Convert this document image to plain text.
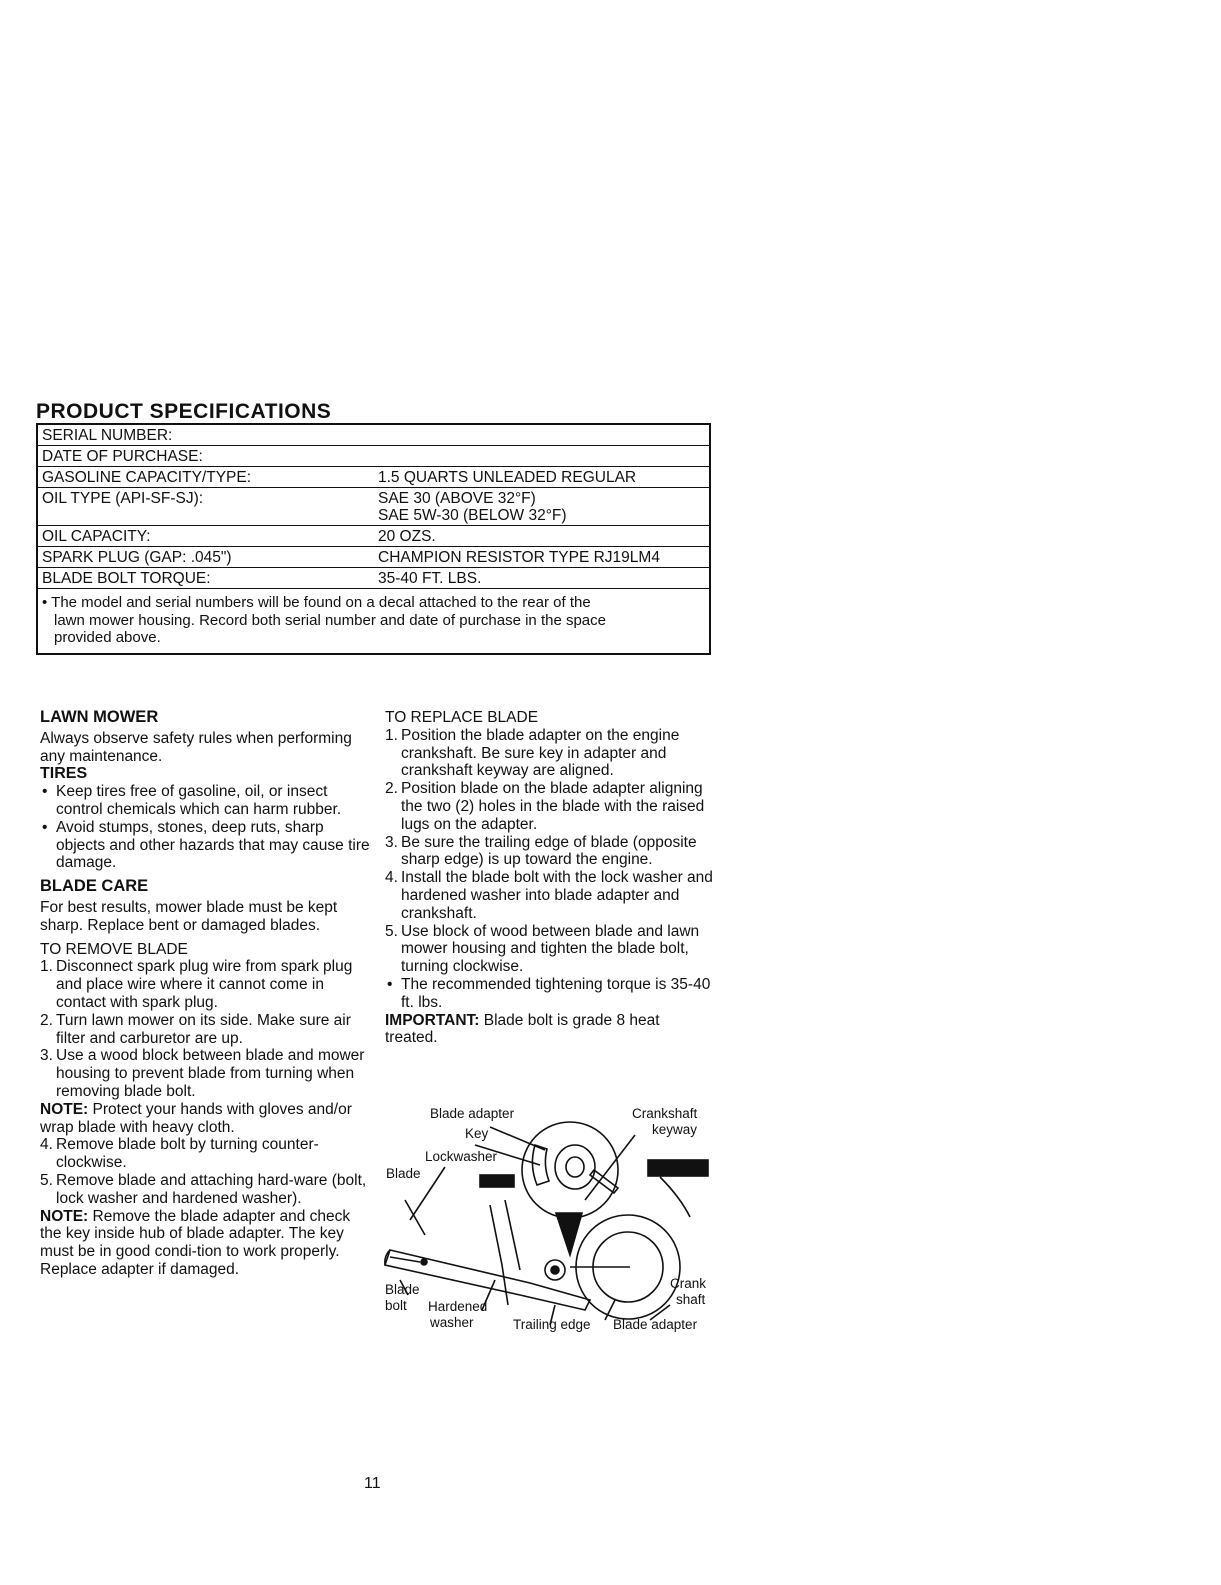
PRODUCT SPECIFICATIONS
SERIAL NUMBER:	
DATE OF PURCHASE:	
GASOLINE CAPACITY/TYPE:	1.5 QUARTS UNLEADED REGULAR
OIL TYPE (API-SF-SJ):	SAE 30 (ABOVE 32°F)
SAE 5W-30 (BELOW 32°F)

OIL CAPACITY:	20 OZS.
SPARK PLUG (GAP: .045")	CHAMPION RESISTOR TYPE RJ19LM4
BLADE BOLT TORQUE:	35-40 FT. LBS.

• The model and serial numbers will be found on a decal attached to the rear of the
lawn mower housing. Record both serial number and date of purchase in the space
provided above.	
LAWN MOWER

Always observe safety rules when performing any maintenance.

TIRES
• Keep tires free of gasoline, oil, or insect control chemicals which can harm rubber.
• Avoid stumps, stones, deep ruts, sharp objects and other hazards that may cause tire damage.
BLADE CARE

For best results, mower blade must be kept sharp. Replace bent or damaged blades.

TO REMOVE BLADE

1. Disconnect spark plug wire from spark plug and place wire where it cannot come in contact with spark plug.
2. Turn lawn mower on its side. Make sure air filter and carburetor are up.
3. Use a wood block between blade and mower housing to prevent blade from turning when removing blade bolt.

NOTE: Protect your hands with gloves and/or wrap blade with heavy cloth.

4. Remove blade bolt by turning counter-clockwise.
5. Remove blade and attaching hard-ware (bolt, lock washer and hardened washer).

NOTE: Remove the blade adapter and check the key inside hub of blade adapter. The key must be in good condi-tion to work properly. Replace adapter if damaged.

TO REPLACE BLADE

1. Position the blade adapter on the engine crankshaft. Be sure key in adapter and crankshaft keyway are aligned.
2. Position blade on the blade adapter aligning the two (2) holes in the blade with the raised lugs on the adapter.
3. Be sure the trailing edge of blade (opposite sharp edge) is up toward the engine.
4. Install the blade bolt with the lock washer and hardened washer into blade adapter and crankshaft.
5. Use block of wood between blade and lawn mower housing and tighten the blade bolt, turning clockwise.
• The recommended tightening torque is 35-40 ft. lbs.

IMPORTANT: Blade bolt is grade 8 heat treated.

Blade adapter
Key
Lockwasher
Blade
Crankshaft
keyway
Crank
shaft
Blade
bolt Hardened
washer	Trailing edge Blade adapter
11
